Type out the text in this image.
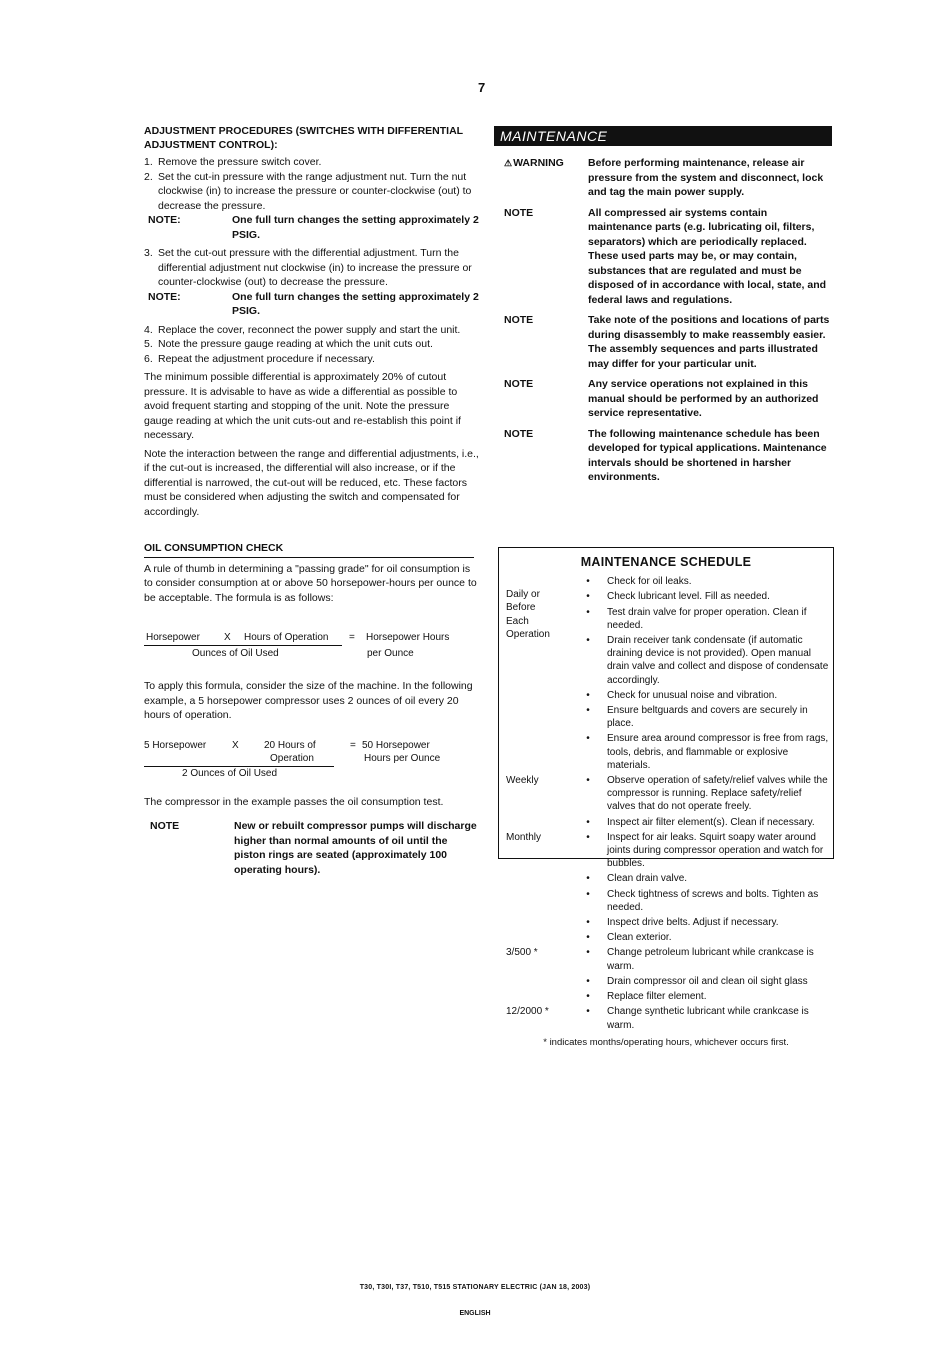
7

ADJUSTMENT PROCEDURES (SWITCHES WITH DIFFERENTIAL ADJUSTMENT CONTROL):

1. Remove the pressure switch cover.
2. Set the cut-in pressure with the range adjustment nut. Turn the nut clockwise (in) to increase the pressure or counter-clockwise (out) to decrease the pressure.
NOTE:	One full turn changes the setting approximately 2 PSIG.
3. Set the cut-out pressure with the differential adjustment. Turn the differential adjustment nut clockwise (in) to increase the pressure or counter-clockwise (out) to decrease the pressure.
NOTE:	One full turn changes the setting approximately 2 PSIG.
4. Replace the cover, reconnect the power supply and start the unit.
5. Note the pressure gauge reading at which the unit cuts out.
6. Repeat the adjustment procedure if necessary.

The minimum possible differential is approximately 20% of cutout pressure. It is advisable to have as wide a differential as possible to avoid frequent starting and stopping of the unit. Note the pressure gauge reading at which the unit cuts-out and re-establish this point if necessary.

Note the interaction between the range and differential adjustments, i.e., if the cut-out is increased, the differential will also increase, or if the differential is narrowed, the cut-out will be reduced, etc. These factors must be considered when adjusting the switch and compensated for accordingly.

OIL CONSUMPTION CHECK

A rule of thumb in determining a "passing grade" for oil consumption is to consider consumption at or above 50 horsepower-hours per ounce to be acceptable. The formula is as follows:

Horsepower X Hours of Operation
Ounces of Oil Used
= Horsepower Hours
per Ounce

To apply this formula, consider the size of the machine. In the following example, a 5 horsepower compressor uses 2 ounces of oil every 20 hours of operation.

5 Horsepower	X	20 Hours of
Operation
= 50 Horsepower
Hours per Ounce
2 Ounces of Oil Used

The compressor in the example passes the oil consumption test.

NOTE	New or rebuilt compressor pumps will discharge higher than normal amounts of oil until the piston rings are seated (approximately 100 operating hours).
MAINTENANCE
⚠WARNING	Before performing maintenance, release air pressure from the system and disconnect, lock and tag the main power supply.
NOTE	All compressed air systems contain maintenance parts (e.g. lubricating oil, filters, separators) which are periodically replaced. These used parts may be, or may contain, substances that are regulated and must be disposed of in accordance with local, state, and federal laws and regulations.
NOTE	Take note of the positions and locations of parts during disassembly to make reassembly easier. The assembly sequences and parts illustrated may differ for your particular unit.
NOTE	Any service operations not explained in this manual should be performed by an authorized service representative.
NOTE	The following maintenance schedule has been developed for typical applications. Maintenance intervals should be shortened in harsher environments.
MAINTENANCE SCHEDULE
Daily or Before Each Operation
•	Check for oil leaks.
•	Check lubricant level. Fill as needed.
•	Test drain valve for proper operation. Clean if needed.
•	Drain receiver tank condensate (if automatic draining device is not provided). Open manual drain valve and collect and dispose of condensate accordingly.
•	Check for unusual noise and vibration.
•	Ensure beltguards and covers are securely in place.
•	Ensure area around compressor is free from rags, tools, debris, and flammable or explosive materials.
Weekly	•	Observe operation of safety/relief valves while the compressor is running. Replace safety/relief valves that do not operate freely.
•	Inspect air filter element(s). Clean if necessary.
Monthly	•	Inspect for air leaks. Squirt soapy water around joints during compressor operation and watch for bubbles.
•	Clean drain valve.
•	Check tightness of screws and bolts. Tighten as needed.
•	Inspect drive belts. Adjust if necessary.
•	Clean exterior.
3/500 *	•	Change petroleum lubricant while crankcase is warm.
•	Drain compressor oil and clean oil sight glass
•	Replace filter element.
12/2000 *	•	Change synthetic lubricant while crankcase is warm.
* indicates months/operating hours, whichever occurs first.
T30, T30I, T37, T510, T515 STATIONARY ELECTRIC (JAN 18, 2003)
ENGLISH
